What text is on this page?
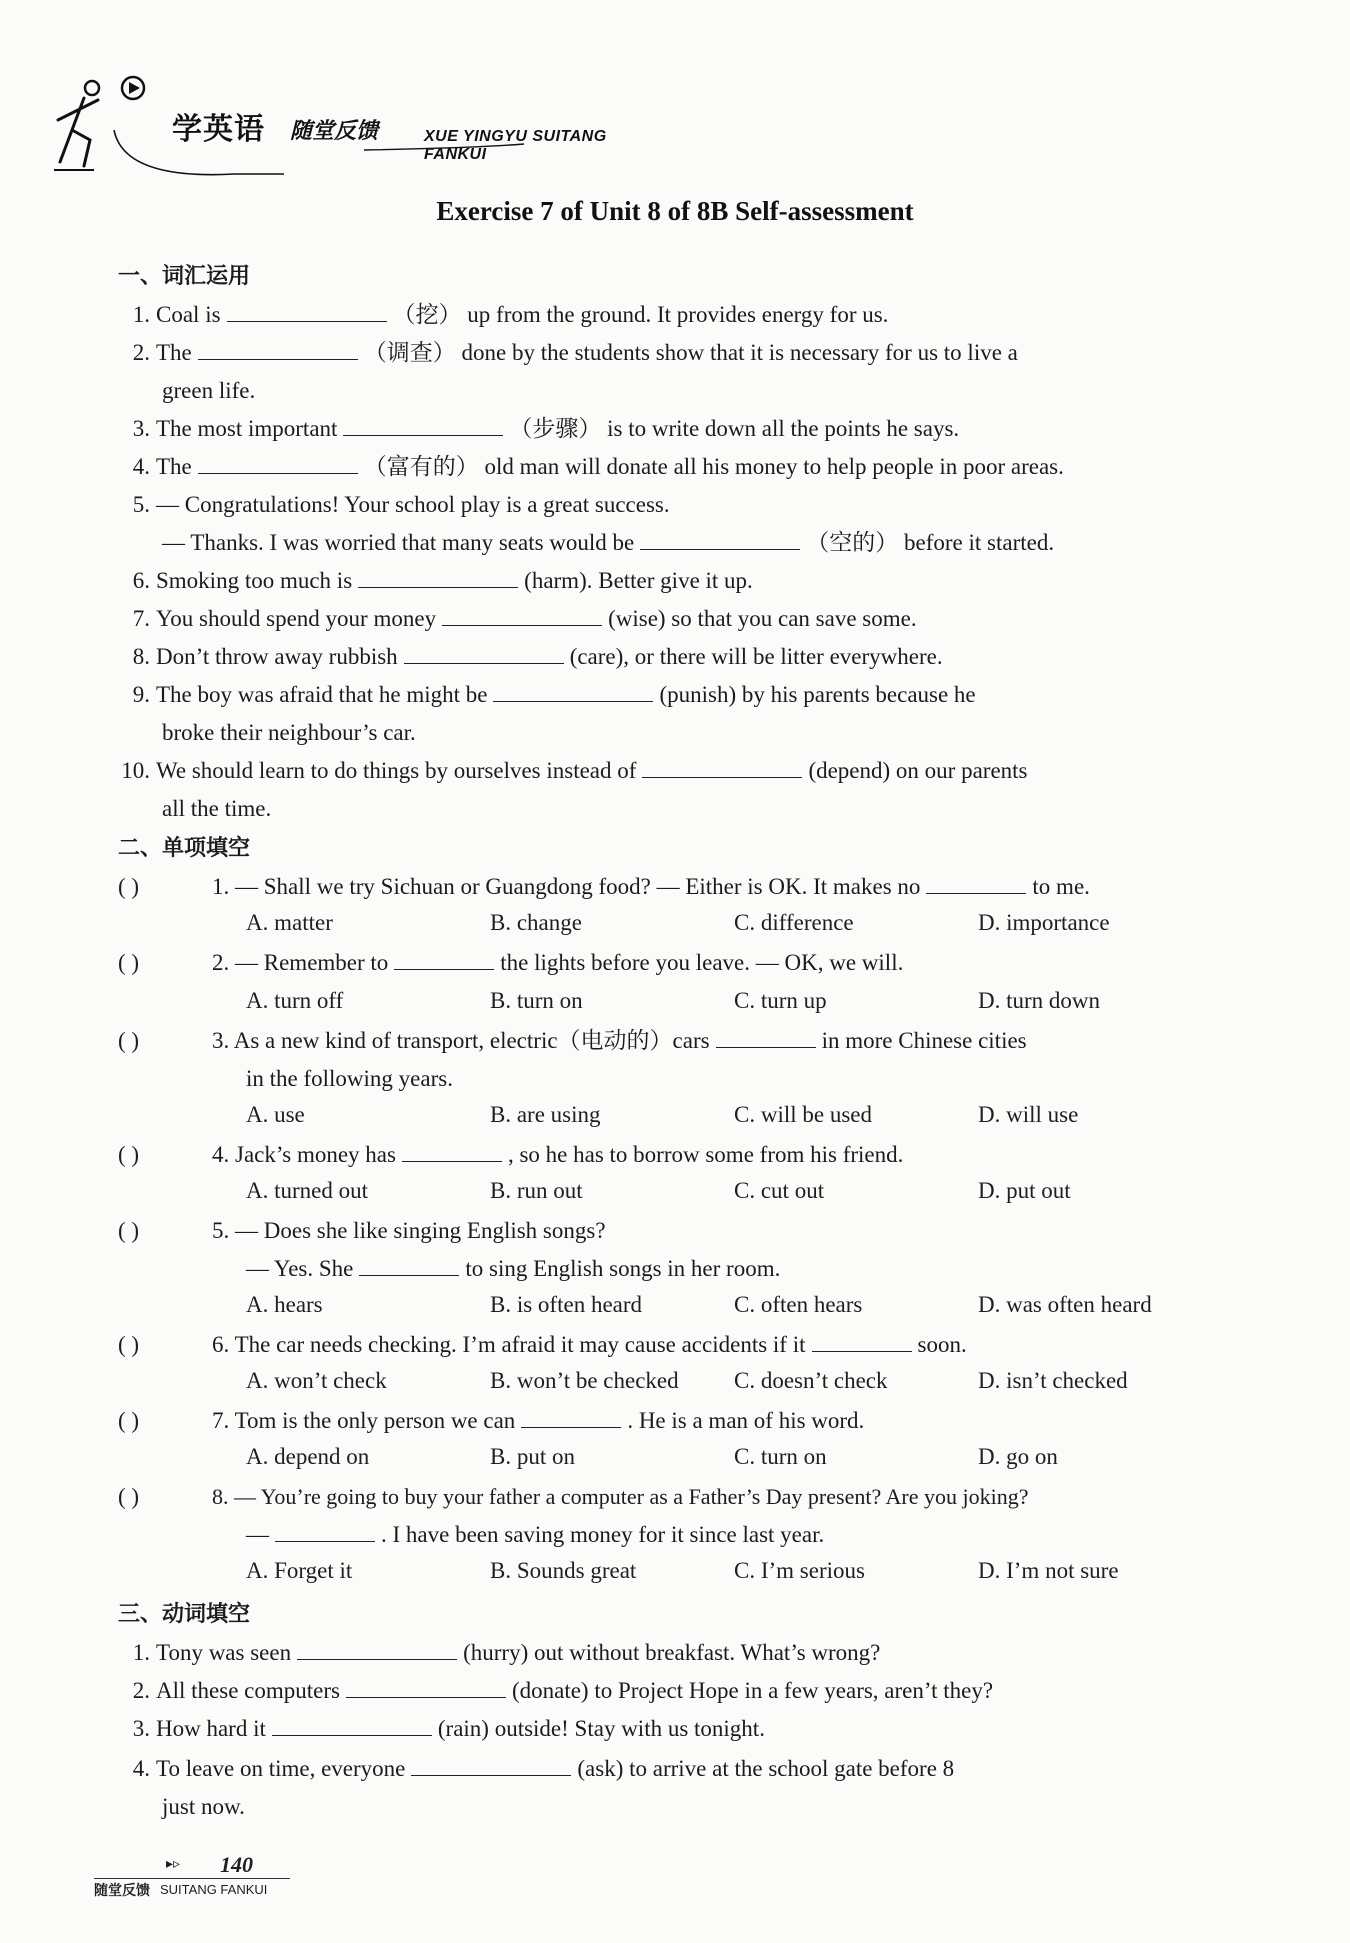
学英语 随堂反馈	XUE YINGYU SUITANG FANKUI
Exercise 7 of Unit 8 of 8B Self-assessment
一、词汇运用
1. Coal is	（挖） up from the ground. It provides energy for us.
2. The	（调查） done by the students show that it is necessary for us to live a
green life.
3. The most important	（步骤） is to write down all the points he says.
4. The	（富有的） old man will donate all his money to help people in poor areas.
5. — Congratulations! Your school play is a great success.
— Thanks. I was worried that many seats would be	（空的） before it started.
6. Smoking too much is	(harm). Better give it up.
7. You should spend your money	(wise) so that you can save some.
8. Don’t throw away rubbish	(care), or there will be litter everywhere.
9. The boy was afraid that he might be	(punish) by his parents because he
broke their neighbour’s car.
10. We should learn to do things by ourselves instead of	(depend) on our parents
all the time.
二、单项填空
( )	1. — Shall we try Sichuan or Guangdong food? — Either is OK. It makes no	to me.
A. matter	B. change	C. difference	D. importance
( )	2. — Remember to	the lights before you leave. — OK, we will.
A. turn off	B. turn on	C. turn up	D. turn down
( )	3. As a new kind of transport, electric（电动的）cars	in more Chinese cities
in the following years.
A. use	B. are using	C. will be used	D. will use
( )	4. Jack’s money has	, so he has to borrow some from his friend.
A. turned out	B. run out	C. cut out	D. put out
( )	5. — Does she like singing English songs?
— Yes. She	to sing English songs in her room.
A. hears	B. is often heard	C. often hears	D. was often heard
( )	6. The car needs checking. I’m afraid it may cause accidents if it	soon.
A. won’t check	B. won’t be checked C. doesn’t check	D. isn’t checked
( )	7. Tom is the only person we can	. He is a man of his word.
A. depend on	B. put on	C. turn on	D. go on
( )	8. — You’re going to buy your father a computer as a Father’s Day present? Are you joking?
—	. I have been saving money for it since last year.
A. Forget it	B. Sounds great	C. I’m serious	D. I’m not sure
三、动词填空
1. Tony was seen	(hurry) out without breakfast. What’s wrong?
2. All these computers	(donate) to Project Hope in a few years, aren’t they?
3. How hard it	(rain) outside! Stay with us tonight.
4. To leave on time, everyone	(ask) to arrive at the school gate before 8
just now.
▸▹ 140
随堂反馈 SUITANG FANKUI
